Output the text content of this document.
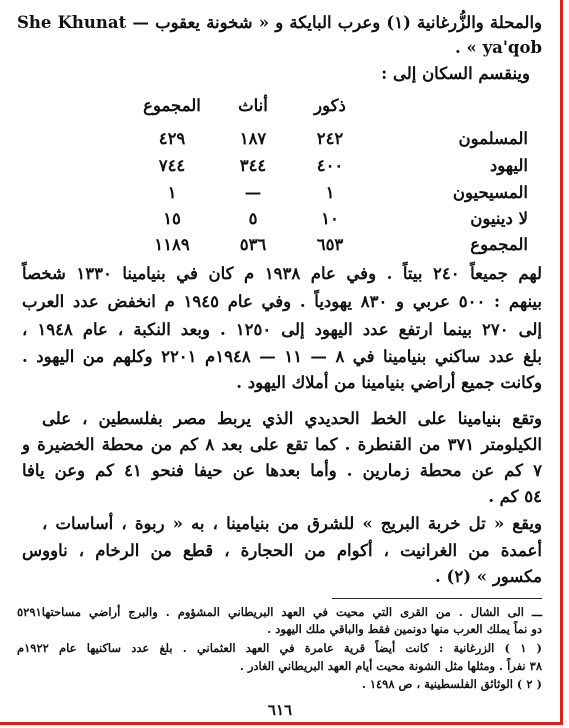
والمحلة والزُّرغانية (١) وعرب البايكة و « شخونة يعقوب — She Khunat
ya'qob » .
وينقسم السكان إلى :
ذكور
أناث
المجموع
المسلمون
٢٤٢
١٨٧
٤٢٩
اليهود
٤٠٠
٣٤٤
٧٤٤
المسيحيون
١
—
١
لا دينيون
١٠
٥
١٥
المجموع
٦٥٣
٥٣٦
١١٨٩
لهم جميعاً ٢٤٠ بيتاً . وفي عام ١٩٣٨ م كان في بنيامينا ١٣٣٠ شخصاً
بينهم : ٥٠٠ عربي و ٨٣٠ يهودياً . وفي عام ١٩٤٥ م انخفض عدد العرب
إلى ٢٧٠ بينما ارتفع عدد اليهود إلى ١٢٥٠ . وبعد النكبة ، عام ١٩٤٨ ،
بلغ عدد ساكني بنيامينا في ٨ — ١١ — ١٩٤٨م ٢٢٠١ وكلهم من اليهود .
وكانت جميع أراضي بنيامينا من أملاك اليهود .
وتقع بنيامينا على الخط الحديدي الذي يربط مصر بفلسطين ، على
الكيلومتر ٣٧١ من القنطرة . كما تقع على بعد ٨ كم من محطة الخضيرة و
٧ كم عن محطة زمارين . وأما بعدها عن حيفا فنحو ٤١ كم وعن يافا
٥٤ كم .
ويقع « تل خربة البريج » للشرق من بنيامينا ، به « ربوة ، أساسات ،
أعمدة من الغرانيت ، أكوام من الحجارة ، قطع من الرخام ، ناووس
مكسور » (٢) .
ـــ الى الشال . من القرى التي محيت في العهد البريطاني المشؤوم . والبرج أراضي مساحتها٥٢٩١
دو نماً يملك العرب منها دونمين فقط والباقي ملك اليهود .
( ١ ) الزرغانية : كانت أيضاً قرية عامرة في العهد العثماني . بلغ عدد ساكنيها عام ١٩٢٢م
٣٨ نفراً . ومثلها مثل الشونة محيت أيام العهد البريطاني الغادر .
( ٢ ) الوثائق الفلسطينية ، ص ١٤٩٨ .
٦١٦
